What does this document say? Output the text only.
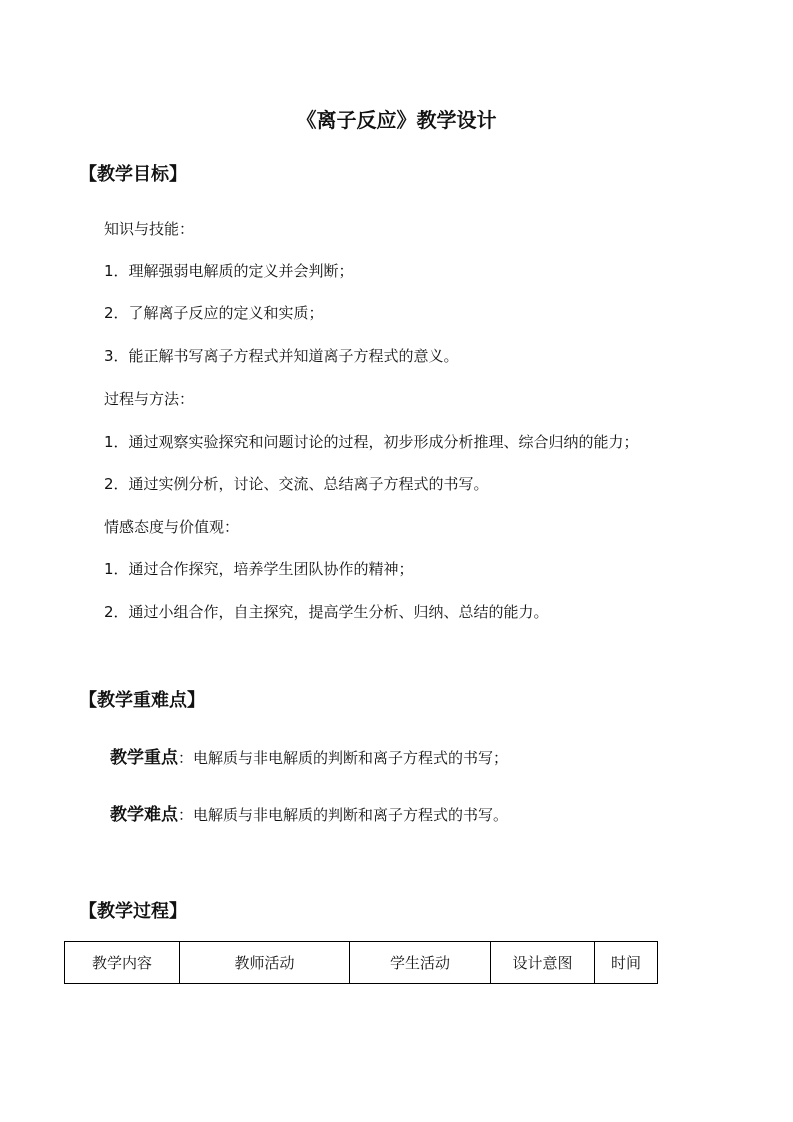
《离子反应》教学设计
【教学目标】
知识与技能：
1．理解强弱电解质的定义并会判断；
2．了解离子反应的定义和实质；
3．能正解书写离子方程式并知道离子方程式的意义。
过程与方法：
1．通过观察实验探究和问题讨论的过程，初步形成分析推理、综合归纳的能力；
2．通过实例分析，讨论、交流、总结离子方程式的书写。
情感态度与价值观：
1．通过合作探究，培养学生团队协作的精神；
2．通过小组合作，自主探究，提高学生分析、归纳、总结的能力。
【教学重难点】
教学重点：电解质与非电解质的判断和离子方程式的书写；
教学难点：电解质与非电解质的判断和离子方程式的书写。
【教学过程】
教学内容	教师活动	学生活动	设计意图	时间
